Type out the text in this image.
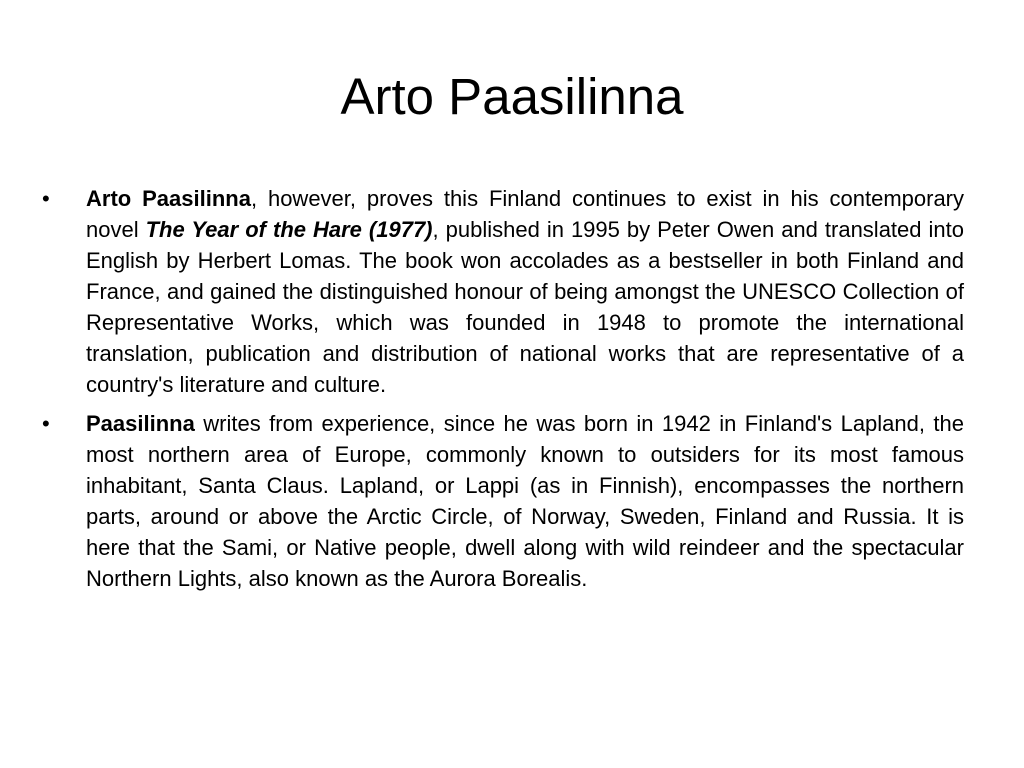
Arto Paasilinna
•	Arto Paasilinna, however, proves this Finland continues to exist in his contemporary novel The Year of the Hare (1977), published in 1995 by Peter Owen and translated into English by Herbert Lomas. The book won accolades as a bestseller in both Finland and France, and gained the distinguished honour of being amongst the UNESCO Collection of Representative Works, which was founded in 1948 to promote the international translation, publication and distribution of national works that are representative of a country's literature and culture.
•	Paasilinna writes from experience, since he was born in 1942 in Finland's Lapland, the most northern area of Europe, commonly known to outsiders for its most famous inhabitant, Santa Claus. Lapland, or Lappi (as in Finnish), encompasses the northern parts, around or above the Arctic Circle, of Norway, Sweden, Finland and Russia. It is here that the Sami, or Native people, dwell along with wild reindeer and the spectacular Northern Lights, also known as the Aurora Borealis.
